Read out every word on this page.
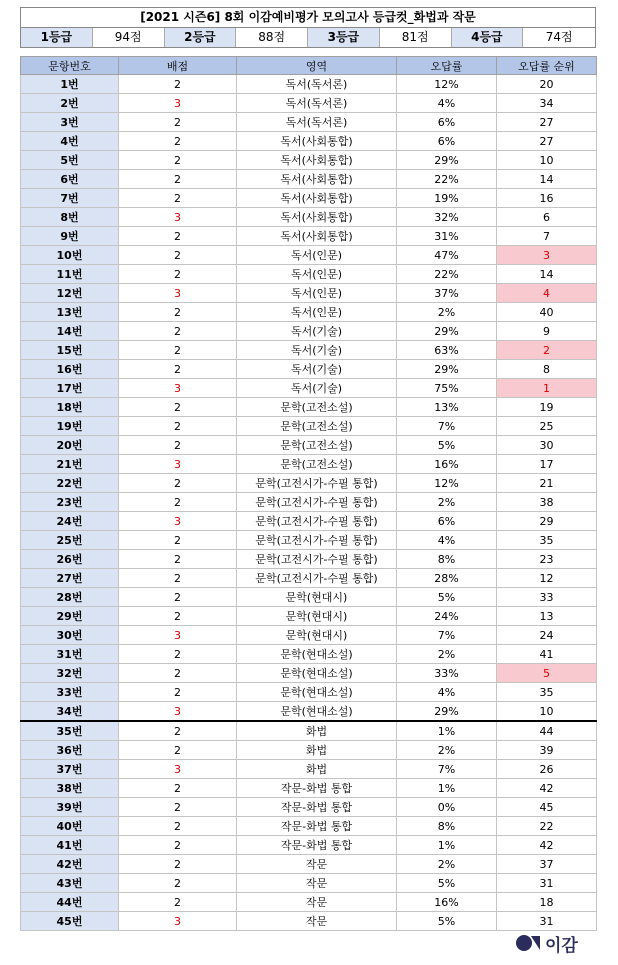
[2021 시즌6] 8회 이감예비평가 모의고사 등급컷_화법과 작문
1등급	94점	2등급	88점	3등급	81점	4등급	74점
문항번호	배점	영역	오답률	오답률 순위
1번	2	독서(독서론)	12%	20
2번	3	독서(독서론)	4%	34
3번	2	독서(독서론)	6%	27
4번	2	독서(사회통합)	6%	27
5번	2	독서(사회통합)	29%	10
6번	2	독서(사회통합)	22%	14
7번	2	독서(사회통합)	19%	16
8번	3	독서(사회통합)	32%	6
9번	2	독서(사회통합)	31%	7
10번	2	독서(인문)	47%	3
11번	2	독서(인문)	22%	14
12번	3	독서(인문)	37%	4
13번	2	독서(인문)	2%	40
14번	2	독서(기술)	29%	9
15번	2	독서(기술)	63%	2
16번	2	독서(기술)	29%	8
17번	3	독서(기술)	75%	1
18번	2	문학(고전소설)	13%	19
19번	2	문학(고전소설)	7%	25
20번	2	문학(고전소설)	5%	30
21번	3	문학(고전소설)	16%	17
22번	2	문학(고전시가-수필 통합)	12%	21
23번	2	문학(고전시가-수필 통합)	2%	38
24번	3	문학(고전시가-수필 통합)	6%	29
25번	2	문학(고전시가-수필 통합)	4%	35
26번	2	문학(고전시가-수필 통합)	8%	23
27번	2	문학(고전시가-수필 통합)	28%	12
28번	2	문학(현대시)	5%	33
29번	2	문학(현대시)	24%	13
30번	3	문학(현대시)	7%	24
31번	2	문학(현대소설)	2%	41
32번	2	문학(현대소설)	33%	5
33번	2	문학(현대소설)	4%	35
34번	3	문학(현대소설)	29%	10
35번	2	화법	1%	44
36번	2	화법	2%	39
37번	3	화법	7%	26
38번	2	작문-화법 통합	1%	42
39번	2	작문-화법 통합	0%	45
40번	2	작문-화법 통합	8%	22
41번	2	작문-화법 통합	1%	42
42번	2	작문	2%	37
43번	2	작문	5%	31
44번	2	작문	16%	18
45번	3	작문	5%	31
이감
